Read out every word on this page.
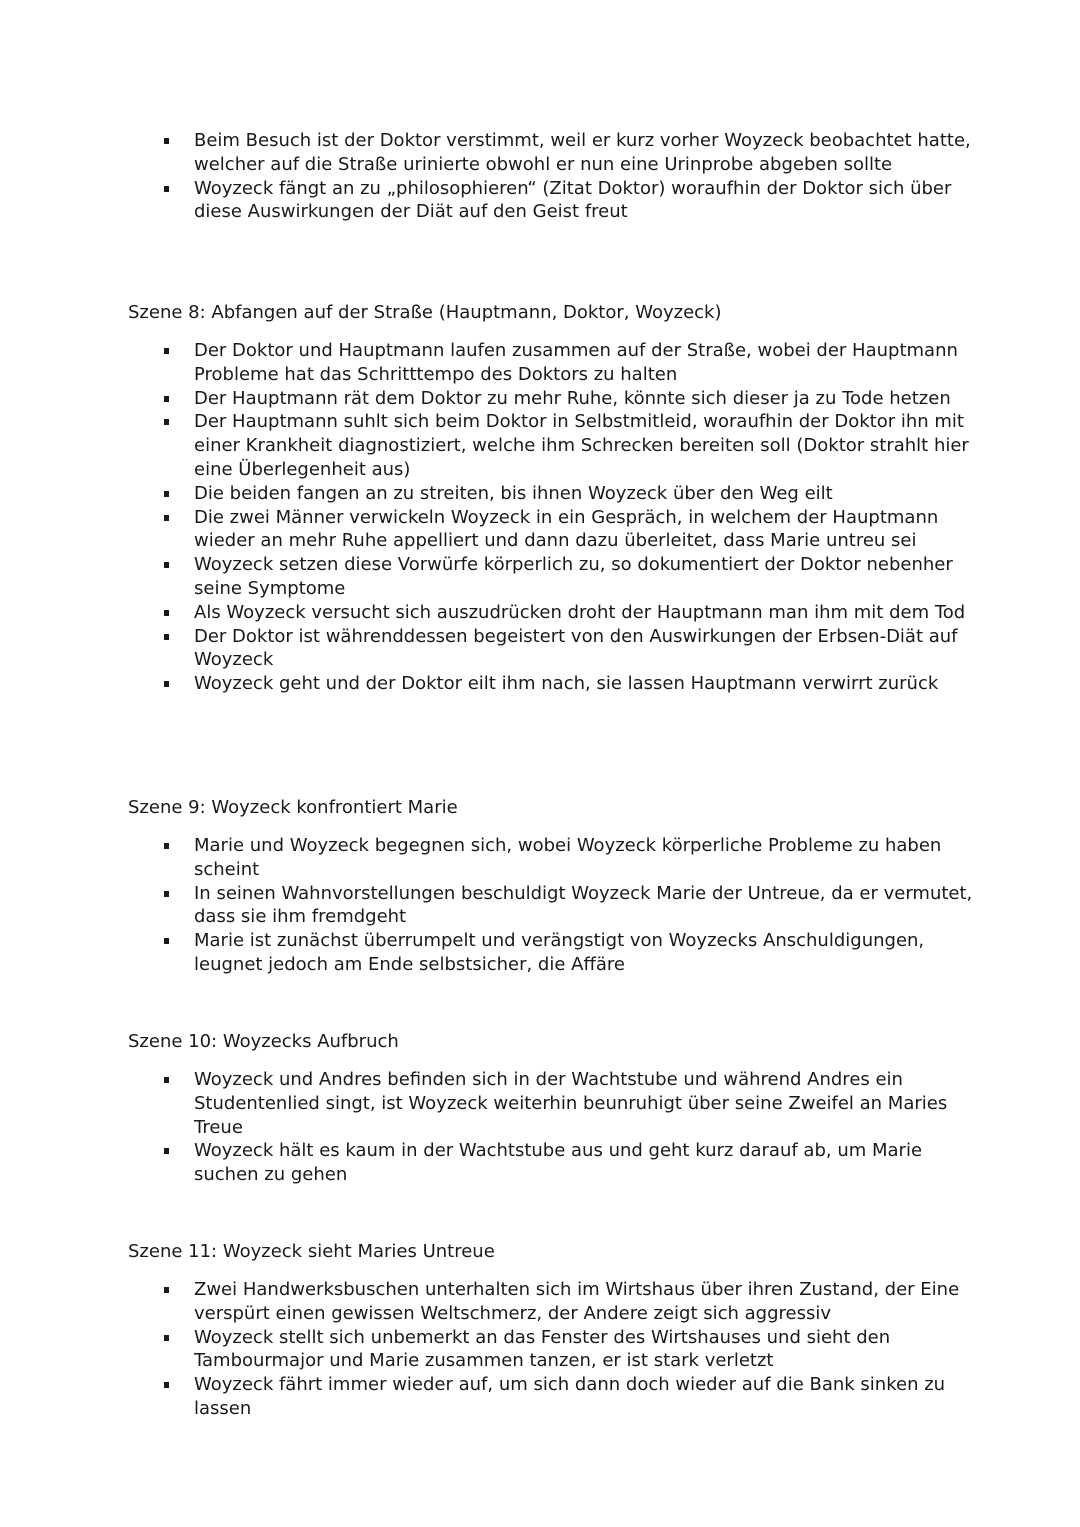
Beim Besuch ist der Doktor verstimmt, weil er kurz vorher Woyzeck beobachtet hatte, welcher auf die Straße urinierte obwohl er nun eine Urinprobe abgeben sollte
Woyzeck fängt an zu „philosophieren“ (Zitat Doktor) woraufhin der Doktor sich über diese Auswirkungen der Diät auf den Geist freut
Szene 8: Abfangen auf der Straße (Hauptmann, Doktor, Woyzeck)
Der Doktor und Hauptmann laufen zusammen auf der Straße, wobei der Hauptmann Probleme hat das Schritttempo des Doktors zu halten
Der Hauptmann rät dem Doktor zu mehr Ruhe, könnte sich dieser ja zu Tode hetzen
Der Hauptmann suhlt sich beim Doktor in Selbstmitleid, woraufhin der Doktor ihn mit einer Krankheit diagnostiziert, welche ihm Schrecken bereiten soll (Doktor strahlt hier eine Überlegenheit aus)
Die beiden fangen an zu streiten, bis ihnen Woyzeck über den Weg eilt
Die zwei Männer verwickeln Woyzeck in ein Gespräch, in welchem der Hauptmann wieder an mehr Ruhe appelliert und dann dazu überleitet, dass Marie untreu sei
Woyzeck setzen diese Vorwürfe körperlich zu, so dokumentiert der Doktor nebenher seine Symptome
Als Woyzeck versucht sich auszudrücken droht der Hauptmann man ihm mit dem Tod
Der Doktor ist währenddessen begeistert von den Auswirkungen der Erbsen-Diät auf Woyzeck
Woyzeck geht und der Doktor eilt ihm nach, sie lassen Hauptmann verwirrt zurück
Szene 9: Woyzeck konfrontiert Marie
Marie und Woyzeck begegnen sich, wobei Woyzeck körperliche Probleme zu haben scheint
In seinen Wahnvorstellungen beschuldigt Woyzeck Marie der Untreue, da er vermutet, dass sie ihm fremdgeht
Marie ist zunächst überrumpelt und verängstigt von Woyzecks Anschuldigungen, leugnet jedoch am Ende selbstsicher, die Affäre
Szene 10: Woyzecks Aufbruch
Woyzeck und Andres befinden sich in der Wachtstube und während Andres ein Studentenlied singt, ist Woyzeck weiterhin beunruhigt über seine Zweifel an Maries Treue
Woyzeck hält es kaum in der Wachtstube aus und geht kurz darauf ab, um Marie suchen zu gehen
Szene 11: Woyzeck sieht Maries Untreue
Zwei Handwerksbuschen unterhalten sich im Wirtshaus über ihren Zustand, der Eine verspürt einen gewissen Weltschmerz, der Andere zeigt sich aggressiv
Woyzeck stellt sich unbemerkt an das Fenster des Wirtshauses und sieht den Tambourmajor und Marie zusammen tanzen, er ist stark verletzt
Woyzeck fährt immer wieder auf, um sich dann doch wieder auf die Bank sinken zu lassen
